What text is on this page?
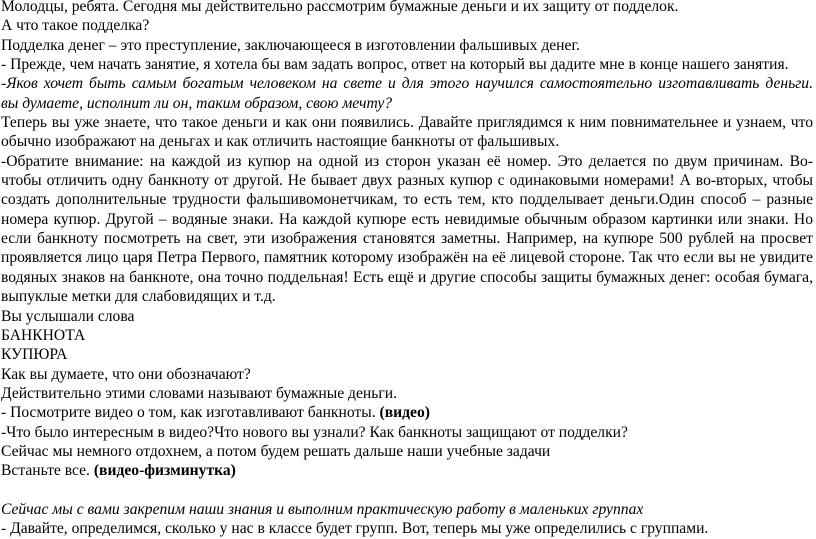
Молодцы, ребята. Сегодня мы действительно рассмотрим бумажные деньги и их защиту от подделок.

А что такое подделка?

Подделка денег – это преступление, заключающееся в изготовлении фальшивых денег.

- Прежде, чем начать занятие, я хотела бы вам задать вопрос, ответ на который вы дадите мне в конце нашего занятия.

-Яков хочет быть самым богатым человеком на свете и для этого научился самостоятельно изготавливать деньги.

вы думаете, исполнит ли он, таким образом, свою мечту?

Теперь вы уже знаете, что такое деньги и как они появились. Давайте приглядимся к ним повнимательнее и узнаем, что

обычно изображают на деньгах и как отличить настоящие банкноты от фальшивых.

-Обратите внимание: на каждой из купюр на одной из сторон указан её номер. Это делается по двум причинам. Во-

чтобы отличить одну банкноту от другой. Не бывает двух разных купюр с одинаковыми номерами! А во-вторых, чтобы

создать дополнительные трудности фальшивомонетчикам, то есть тем, кто подделывает деньги.Один способ – разные

номера купюр. Другой – водяные знаки. На каждой купюре есть невидимые обычным образом картинки или знаки. Но

если банкноту посмотреть на свет, эти изображения становятся заметны. Например, на купюре 500 рублей на просвет

проявляется лицо царя Петра Первого, памятник которому изображён на её лицевой стороне. Так что если вы не увидите

водяных знаков на банкноте, она точно поддельная! Есть ещё и другие способы защиты бумажных денег: особая бумага,

выпуклые метки для слабовидящих и т.д.

Вы услышали слова

БАНКНОТА

КУПЮРА

Как вы думаете, что они обозначают?

Действительно этими словами называют бумажные деньги.

- Посмотрите видео о том, как изготавливают банкноты. (видео)

-Что было интересным в видео?Что нового вы узнали? Как банкноты защищают от подделки?

Сейчас мы немного отдохнем, а потом будем решать дальше наши учебные задачи

Встаньте все. (видео-физминутка)

Сейчас мы с вами закрепим наши знания и выполним практическую работу в маленьких группах

- Давайте, определимся, сколько у нас в классе будет групп. Вот, теперь мы уже определились с группами.
